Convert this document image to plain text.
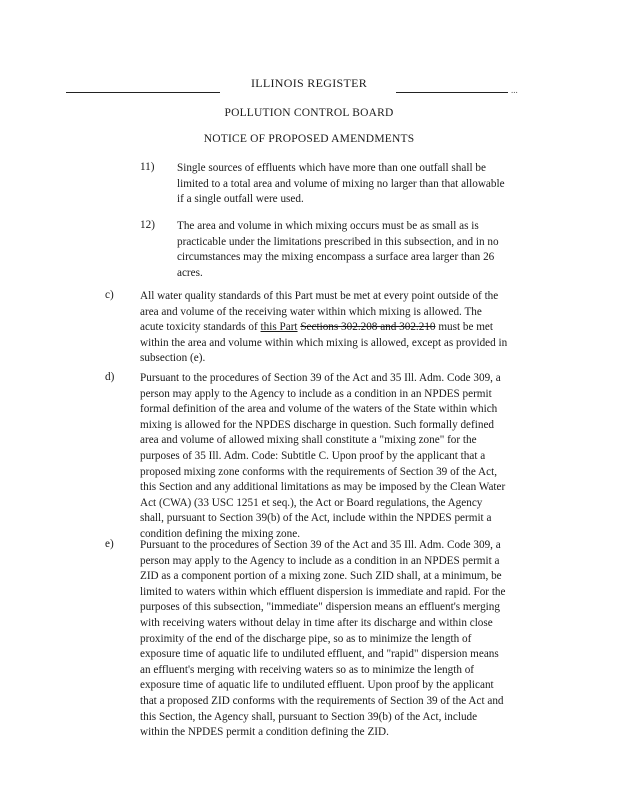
ILLINOIS REGISTER	...
POLLUTION CONTROL BOARD
NOTICE OF PROPOSED AMENDMENTS
11) Single sources of effluents which have more than one outfall shall be
limited to a total area and volume of mixing no larger than that allowable
if a single outfall were used.
12) The area and volume in which mixing occurs must be as small as is
practicable under the limitations prescribed in this subsection, and in no
circumstances may the mixing encompass a surface area larger than 26
acres.
c) All water quality standards of this Part must be met at every point outside of the
area and volume of the receiving water within which mixing is allowed. The
acute toxicity standards of this Part Sections 302.208 and 302.210 must be met
within the area and volume within which mixing is allowed, except as provided in
subsection (e).
d) Pursuant to the procedures of Section 39 of the Act and 35 Ill. Adm. Code 309, a
person may apply to the Agency to include as a condition in an NPDES permit
formal definition of the area and volume of the waters of the State within which
mixing is allowed for the NPDES discharge in question. Such formally defined
area and volume of allowed mixing shall constitute a "mixing zone" for the
purposes of 35 Ill. Adm. Code: Subtitle C. Upon proof by the applicant that a
proposed mixing zone conforms with the requirements of Section 39 of the Act,
this Section and any additional limitations as may be imposed by the Clean Water
Act (CWA) (33 USC 1251 et seq.), the Act or Board regulations, the Agency
shall, pursuant to Section 39(b) of the Act, include within the NPDES permit a
condition defining the mixing zone.
e) Pursuant to the procedures of Section 39 of the Act and 35 Ill. Adm. Code 309, a
person may apply to the Agency to include as a condition in an NPDES permit a
ZID as a component portion of a mixing zone. Such ZID shall, at a minimum, be
limited to waters within which effluent dispersion is immediate and rapid. For the
purposes of this subsection, "immediate" dispersion means an effluent's merging
with receiving waters without delay in time after its discharge and within close
proximity of the end of the discharge pipe, so as to minimize the length of
exposure time of aquatic life to undiluted effluent, and "rapid" dispersion means
an effluent's merging with receiving waters so as to minimize the length of
exposure time of aquatic life to undiluted effluent. Upon proof by the applicant
that a proposed ZID conforms with the requirements of Section 39 of the Act and
this Section, the Agency shall, pursuant to Section 39(b) of the Act, include
within the NPDES permit a condition defining the ZID.
